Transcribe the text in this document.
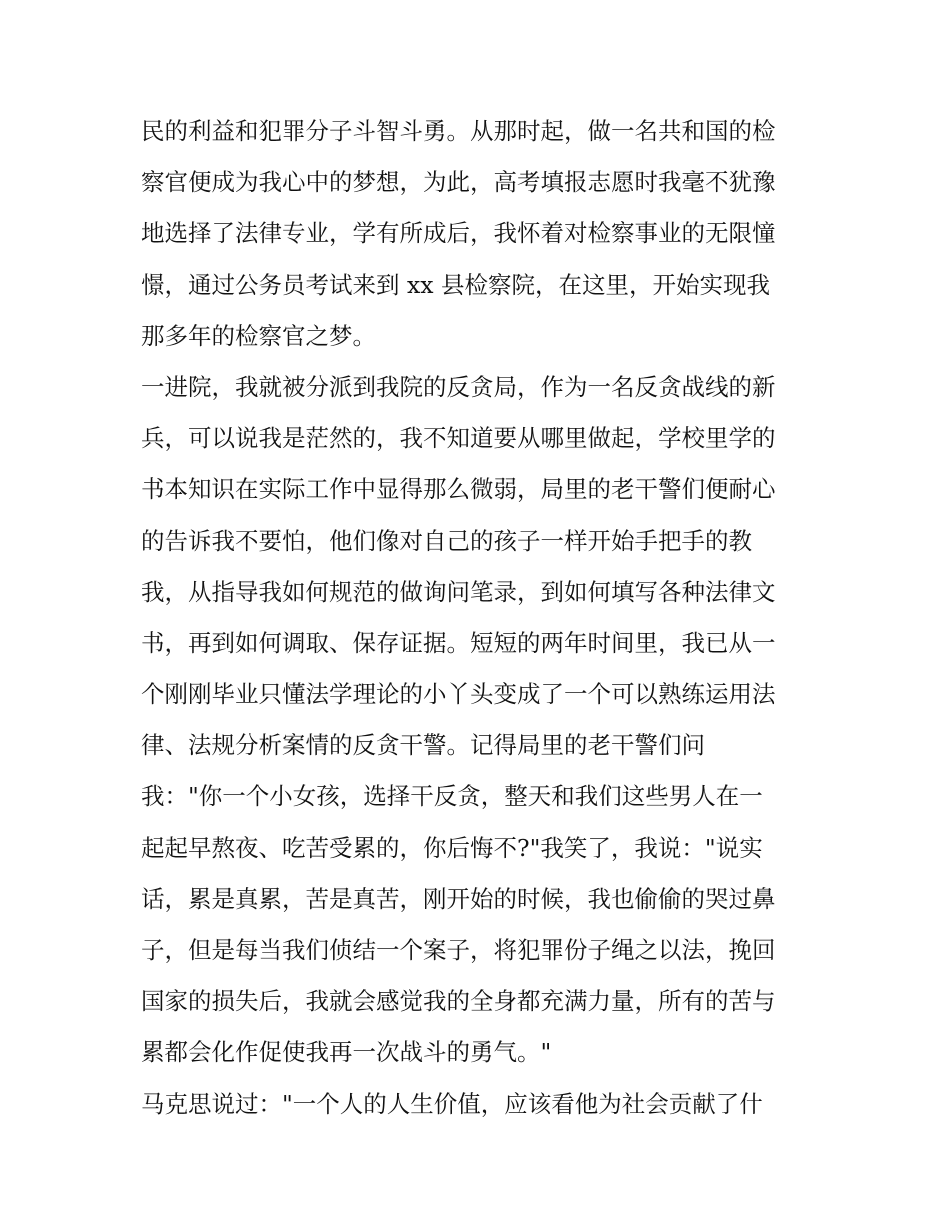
民的利益和犯罪分子斗智斗勇。从那时起，做一名共和国的检
察官便成为我心中的梦想，为此，高考填报志愿时我毫不犹豫
地选择了法律专业，学有所成后，我怀着对检察事业的无限憧
憬，通过公务员考试来到 xx 县检察院，在这里，开始实现我
那多年的检察官之梦。
一进院，我就被分派到我院的反贪局，作为一名反贪战线的新
兵，可以说我是茫然的，我不知道要从哪里做起，学校里学的
书本知识在实际工作中显得那么微弱，局里的老干警们便耐心
的告诉我不要怕，他们像对自己的孩子一样开始手把手的教
我，从指导我如何规范的做询问笔录，到如何填写各种法律文
书，再到如何调取、保存证据。短短的两年时间里，我已从一
个刚刚毕业只懂法学理论的小丫头变成了一个可以熟练运用法
律、法规分析案情的反贪干警。记得局里的老干警们问
我："你一个小女孩，选择干反贪，整天和我们这些男人在一
起起早熬夜、吃苦受累的，你后悔不?"我笑了，我说："说实
话，累是真累，苦是真苦，刚开始的时候，我也偷偷的哭过鼻
子，但是每当我们侦结一个案子，将犯罪份子绳之以法，挽回
国家的损失后，我就会感觉我的全身都充满力量，所有的苦与
累都会化作促使我再一次战斗的勇气。"
马克思说过："一个人的人生价值，应该看他为社会贡献了什
